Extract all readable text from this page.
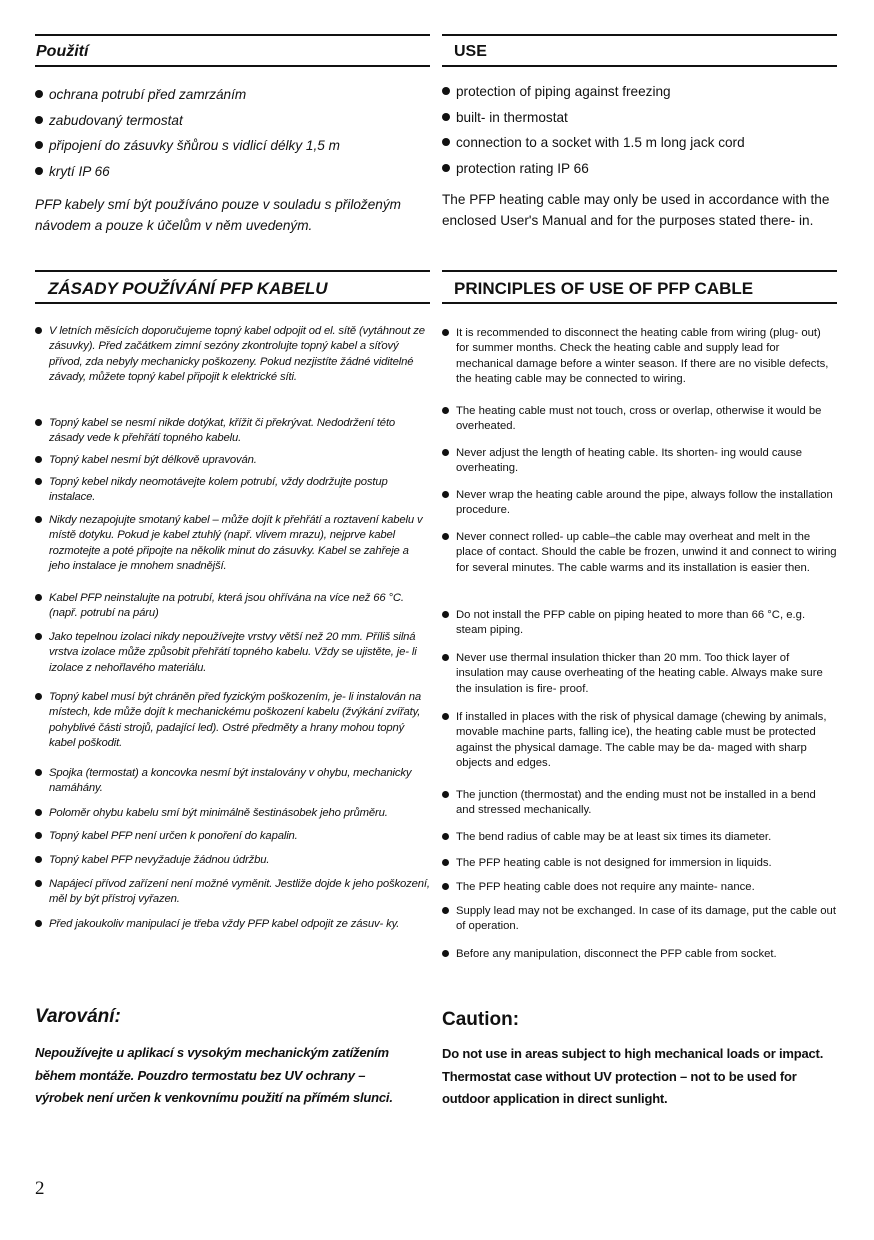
Použití
ochrana potrubí před zamrzáním
zabudovaný termostat
připojení do zásuvky šňůrou s vidlicí délky 1,5 m
krytí IP 66

PFP kabely smí být používáno pouze v souladu s přiloženým návodem a pouze k účelům v něm uvedeným.

ZÁSADY POUŽÍVÁNÍ PFP KABELU
V letních měsících doporučujeme topný kabel odpojit od el. sítě (vytáhnout ze zásuvky). Před začátkem zimní sezóny zkontrolujte topný kabel a síťový přívod, zda nebyly mechanicky poškozeny. Pokud nezjistíte žádné viditelné závady, můžete topný kabel připojit k elektrické síti.
Topný kabel se nesmí nikde dotýkat, křížit či překrývat. Nedodržení této zásady vede k přehřátí topného kabelu.
Topný kabel nesmí být délkově upravován.
Topný kebel nikdy neomotávejte kolem potrubí, vždy dodržujte postup instalace.
Nikdy nezapojujte smotaný kabel – může dojít k přehřátí a roztavení kabelu v místě dotyku. Pokud je kabel ztuhlý (např. vlivem mrazu), nejprve kabel rozmotejte a poté připojte na několik minut do zásuvky. Kabel se zahřeje a jeho instalace je mnohem snadnější.
Kabel PFP neinstalujte na potrubí, která jsou ohřívána na více než 66 °C. (např. potrubí na páru)
Jako tepelnou izolaci nikdy nepoužívejte vrstvy větší než 20 mm. Příliš silná vrstva izolace může způsobit přehřátí topného kabelu. Vždy se ujistěte, je- li izolace z nehořlavého materiálu.
Topný kabel musí být chráněn před fyzickým poškozením, je- li instalován na místech, kde může dojít k mechanickému poškození kabelu (žvýkání zvířaty, pohyblivé části strojů, padající led). Ostré předměty a hrany mohou topný kabel poškodit.
Spojka (termostat) a koncovka nesmí být instalovány v ohybu, mechanicky namáhány.
Poloměr ohybu kabelu smí být minimálně šestinásobek jeho průměru.
Topný kabel PFP není určen k ponoření do kapalin.
Topný kabel PFP nevyžaduje žádnou údržbu.
Napájecí přívod zařízení není možné vyměnit. Jestliže dojde k jeho poškození, měl by být přístroj vyřazen.
Před jakoukoliv manipulací je třeba vždy PFP kabel odpojit ze zásuv- ky.
Varování:

Nepoužívejte u aplikací s vysokým mechanickým zatížením během montáže. Pouzdro termostatu bez UV ochrany – výrobek není určen k venkovnímu použití na přímém slunci.

USE
protection of piping against freezing
built- in thermostat
connection to a socket with 1.5 m long jack cord
protection rating IP 66

The PFP heating cable may only be used in accordance with the enclosed User's Manual and for the purposes stated there- in.

PRINCIPLES OF USE OF PFP CABLE
It is recommended to disconnect the heating cable from wiring (plug- out) for summer months. Check the heating cable and supply lead for mechanical damage before a winter season. If there are no visible defects, the heating cable may be connected to wiring.
The heating cable must not touch, cross or overlap, otherwise it would be overheated.
Never adjust the length of heating cable. Its shorten- ing would cause overheating.
Never wrap the heating cable around the pipe, always follow the installation procedure.
Never connect rolled- up cable–the cable may overheat and melt in the place of contact. Should the cable be frozen, unwind it and connect to wiring for several minutes. The cable warms and its installation is easier then.
Do not install the PFP cable on piping heated to more than 66 °C, e.g. steam piping.
Never use thermal insulation thicker than 20 mm. Too thick layer of insulation may cause overheating of the heating cable. Always make sure the insulation is fire- proof.
If installed in places with the risk of physical damage (chewing by animals, movable machine parts, falling ice), the heating cable must be protected against the physical damage. The cable may be da- maged with sharp objects and edges.
The junction (thermostat) and the ending must not be installed in a bend and stressed mechanically.
The bend radius of cable may be at least six times its diameter.
The PFP heating cable is not designed for immersion in liquids.
The PFP heating cable does not require any mainte- nance.
Supply lead may not be exchanged. In case of its damage, put the cable out of operation.
Before any manipulation, disconnect the PFP cable from socket.
Caution:

Do not use in areas subject to high mechanical loads or impact. Thermostat case without UV protection – not to be used for outdoor application in direct sunlight.

2
